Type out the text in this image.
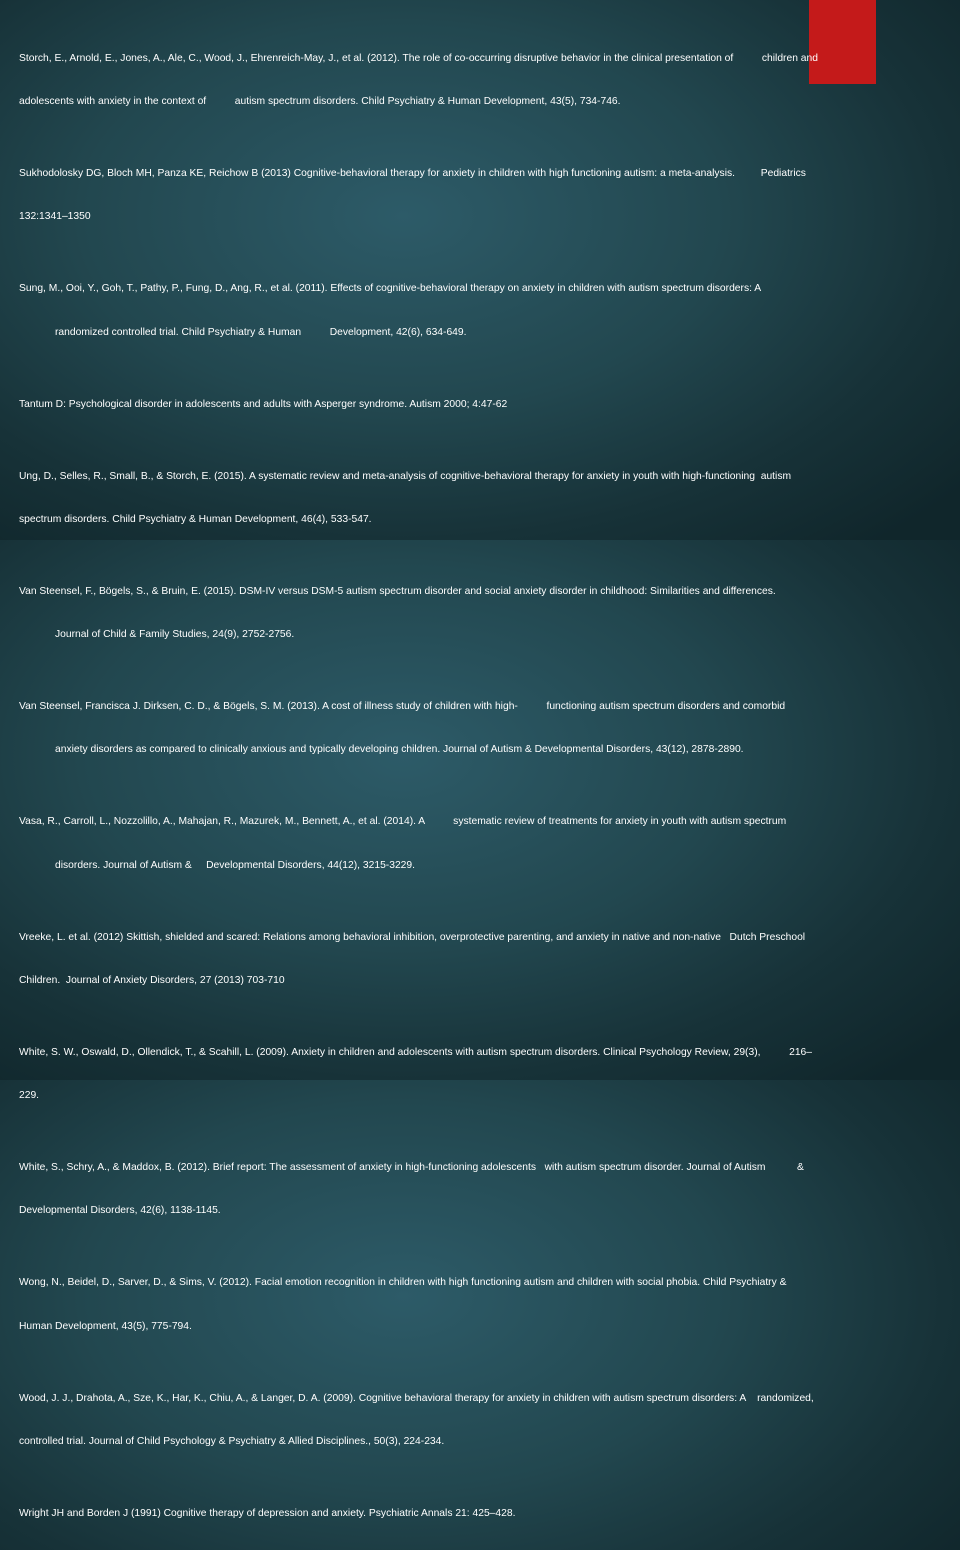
Storch, E., Arnold, E., Jones, A., Ale, C., Wood, J., Ehrenreich-May, J., et al. (2012). The role of co-occurring disruptive behavior in the clinical presentation of          children and

adolescents with anxiety in the context of          autism spectrum disorders. Child Psychiatry & Human Development, 43(5), 734-746.

Sukhodolosky DG, Bloch MH, Panza KE, Reichow B (2013) Cognitive-behavioral therapy for anxiety in children with high functioning autism: a meta-analysis.         Pediatrics

132:1341–1350

Sung, M., Ooi, Y., Goh, T., Pathy, P., Fung, D., Ang, R., et al. (2011). Effects of cognitive-behavioral therapy on anxiety in children with autism spectrum disorders: A

randomized controlled trial. Child Psychiatry & Human          Development, 42(6), 634-649.

Tantum D: Psychological disorder in adolescents and adults with Asperger syndrome. Autism 2000; 4:47-62

Ung, D., Selles, R., Small, B., & Storch, E. (2015). A systematic review and meta-analysis of cognitive-behavioral therapy for anxiety in youth with high-functioning  autism

spectrum disorders. Child Psychiatry & Human Development, 46(4), 533-547.

Van Steensel, F., Bögels, S., & Bruin, E. (2015). DSM-IV versus DSM-5 autism spectrum disorder and social anxiety disorder in childhood: Similarities and differences.

Journal of Child & Family Studies, 24(9), 2752-2756.

Van Steensel, Francisca J. Dirksen, C. D., & Bögels, S. M. (2013). A cost of illness study of children with high-          functioning autism spectrum disorders and comorbid

anxiety disorders as compared to clinically anxious and typically developing children. Journal of Autism & Developmental Disorders, 43(12), 2878-2890.

Vasa, R., Carroll, L., Nozzolillo, A., Mahajan, R., Mazurek, M., Bennett, A., et al. (2014). A          systematic review of treatments for anxiety in youth with autism spectrum

disorders. Journal of Autism &     Developmental Disorders, 44(12), 3215-3229.

Vreeke, L. et al. (2012) Skittish, shielded and scared: Relations among behavioral inhibition, overprotective parenting, and anxiety in native and non-native   Dutch Preschool

Children.  Journal of Anxiety Disorders, 27 (2013) 703-710

White, S. W., Oswald, D., Ollendick, T., & Scahill, L. (2009). Anxiety in children and adolescents with autism spectrum disorders. Clinical Psychology Review, 29(3),          216–

229.

White, S., Schry, A., & Maddox, B. (2012). Brief report: The assessment of anxiety in high-functioning adolescents   with autism spectrum disorder. Journal of Autism           &

Developmental Disorders, 42(6), 1138-1145.

Wong, N., Beidel, D., Sarver, D., & Sims, V. (2012). Facial emotion recognition in children with high functioning autism and children with social phobia. Child Psychiatry &

Human Development, 43(5), 775-794.

Wood, J. J., Drahota, A., Sze, K., Har, K., Chiu, A., & Langer, D. A. (2009). Cognitive behavioral therapy for anxiety in children with autism spectrum disorders: A    randomized,

controlled trial. Journal of Child Psychology & Psychiatry & Allied Disciplines., 50(3), 224-234.

Wright JH and Borden J (1991) Cognitive therapy of depression and anxiety. Psychiatric Annals 21: 425–428.
